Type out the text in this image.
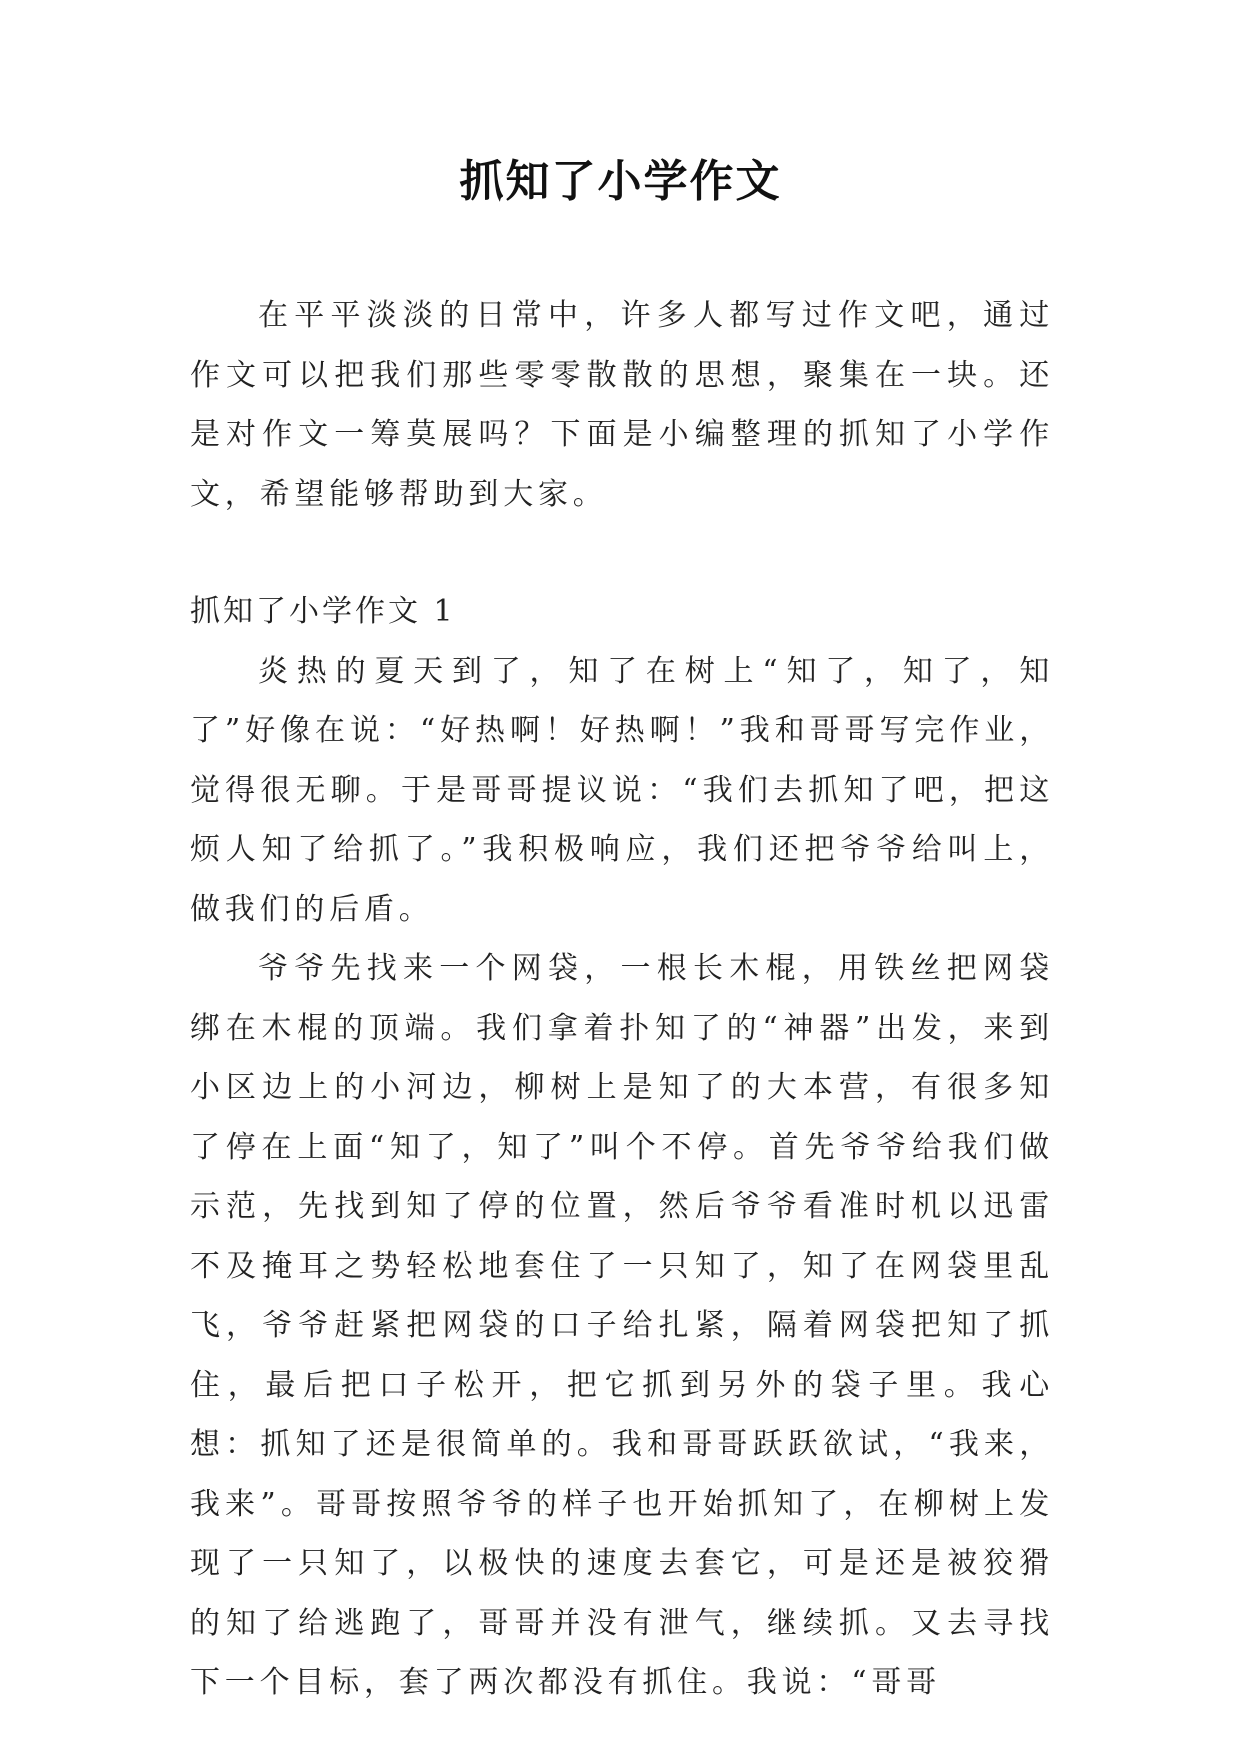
抓知了小学作文

在平平淡淡的日常中，许多人都写过作文吧，通过作文可以把我们那些零零散散的思想，聚集在一块。还是对作文一筹莫展吗？下面是小编整理的抓知了小学作文，希望能够帮助到大家。

抓知了小学作文 1

炎热的夏天到了，知了在树上“知了，知了，知了”好像在说：“好热啊！好热啊！”我和哥哥写完作业，觉得很无聊。于是哥哥提议说：“我们去抓知了吧，把这烦人知了给抓了。”我积极响应，我们还把爷爷给叫上，做我们的后盾。

爷爷先找来一个网袋，一根长木棍，用铁丝把网袋绑在木棍的顶端。我们拿着扑知了的“神器”出发，来到小区边上的小河边，柳树上是知了的大本营，有很多知了停在上面“知了，知了”叫个不停。首先爷爷给我们做示范，先找到知了停的位置，然后爷爷看准时机以迅雷不及掩耳之势轻松地套住了一只知了，知了在网袋里乱飞，爷爷赶紧把网袋的口子给扎紧，隔着网袋把知了抓住，最后把口子松开，把它抓到另外的袋子里。我心想：抓知了还是很简单的。我和哥哥跃跃欲试，“我来，我来”。哥哥按照爷爷的样子也开始抓知了，在柳树上发现了一只知了，以极快的速度去套它，可是还是被狡猾的知了给逃跑了，哥哥并没有泄气，继续抓。又去寻找下一个目标，套了两次都没有抓住。我说：“哥哥
